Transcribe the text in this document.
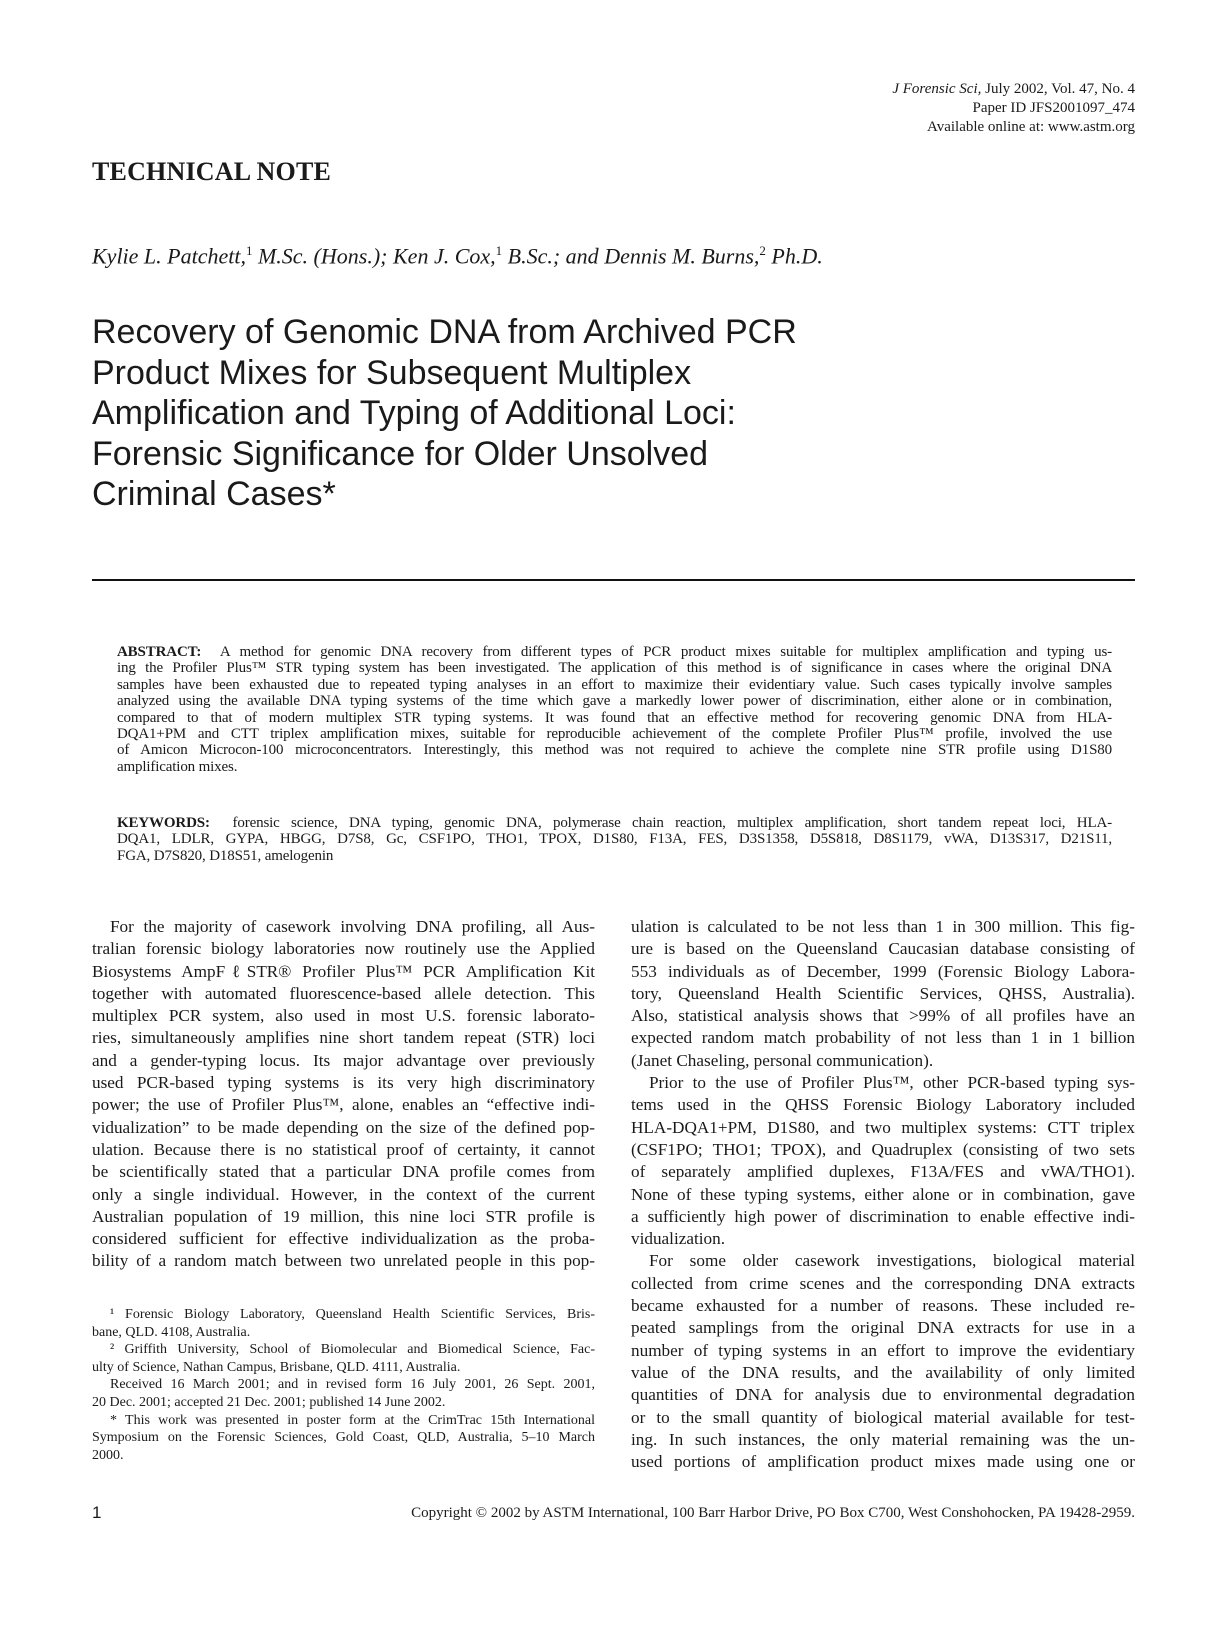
J Forensic Sci, July 2002, Vol. 47, No. 4
Paper ID JFS2001097_474
Available online at: www.astm.org
TECHNICAL NOTE
Kylie L. Patchett,$^1$ M.Sc. (Hons.); Ken J. Cox,$^1$ B.Sc.; and Dennis M. Burns,$^2$ Ph.D.
Recovery of Genomic DNA from Archived PCR
Product Mixes for Subsequent Multiplex
Amplification and Typing of Additional Loci:
Forensic Significance for Older Unsolved
Criminal Cases*
ABSTRACT: A method for genomic DNA recovery from different types of PCR product mixes suitable for multiplex amplification and typing us-
ing the Profiler Plus™ STR typing system has been investigated. The application of this method is of significance in cases where the original DNA
samples have been exhausted due to repeated typing analyses in an effort to maximize their evidentiary value. Such cases typically involve samples
analyzed using the available DNA typing systems of the time which gave a markedly lower power of discrimination, either alone or in combination,
compared to that of modern multiplex STR typing systems. It was found that an effective method for recovering genomic DNA from HLA-
DQA1+PM and CTT triplex amplification mixes, suitable for reproducible achievement of the complete Profiler Plus™ profile, involved the use
of Amicon Microcon-100 microconcentrators. Interestingly, this method was not required to achieve the complete nine STR profile using D1S80
amplification mixes.
KEYWORDS: forensic science, DNA typing, genomic DNA, polymerase chain reaction, multiplex amplification, short tandem repeat loci, HLA-
DQA1, LDLR, GYPA, HBGG, D7S8, Gc, CSF1PO, THO1, TPOX, D1S80, F13A, FES, D3S1358, D5S818, D8S1179, vWA, D13S317, D21S11,
FGA, D7S820, D18S51, amelogenin
For the majority of casework involving DNA profiling, all Aus-
tralian forensic biology laboratories now routinely use the Applied
Biosystems AmpFℓSTR® Profiler Plus™ PCR Amplification Kit
together with automated fluorescence-based allele detection. This
multiplex PCR system, also used in most U.S. forensic laborato-
ries, simultaneously amplifies nine short tandem repeat (STR) loci
and a gender-typing locus. Its major advantage over previously
used PCR-based typing systems is its very high discriminatory
power; the use of Profiler Plus™, alone, enables an “effective indi-
vidualization” to be made depending on the size of the defined pop-
ulation. Because there is no statistical proof of certainty, it cannot
be scientifically stated that a particular DNA profile comes from
only a single individual. However, in the context of the current
Australian population of 19 million, this nine loci STR profile is
considered sufficient for effective individualization as the proba-
bility of a random match between two unrelated people in this pop-
ulation is calculated to be not less than 1 in 300 million. This fig-
ure is based on the Queensland Caucasian database consisting of
553 individuals as of December, 1999 (Forensic Biology Labora-
tory, Queensland Health Scientific Services, QHSS, Australia).
Also, statistical analysis shows that >99% of all profiles have an
expected random match probability of not less than 1 in 1 billion
(Janet Chaseling, personal communication).
Prior to the use of Profiler Plus™, other PCR-based typing sys-
tems used in the QHSS Forensic Biology Laboratory included
HLA-DQA1+PM, D1S80, and two multiplex systems: CTT triplex
(CSF1PO; THO1; TPOX), and Quadruplex (consisting of two sets
of separately amplified duplexes, F13A/FES and vWA/THO1).
None of these typing systems, either alone or in combination, gave
a sufficiently high power of discrimination to enable effective indi-
vidualization.
For some older casework investigations, biological material
collected from crime scenes and the corresponding DNA extracts
became exhausted for a number of reasons. These included re-
peated samplings from the original DNA extracts for use in a
number of typing systems in an effort to improve the evidentiary
value of the DNA results, and the availability of only limited
quantities of DNA for analysis due to environmental degradation
or to the small quantity of biological material available for test-
ing. In such instances, the only material remaining was the un-
used portions of amplification product mixes made using one or
¹ Forensic Biology Laboratory, Queensland Health Scientific Services, Bris-
bane, QLD. 4108, Australia.
² Griffith University, School of Biomolecular and Biomedical Science, Fac-
ulty of Science, Nathan Campus, Brisbane, QLD. 4111, Australia.
Received 16 March 2001; and in revised form 16 July 2001, 26 Sept. 2001,
20 Dec. 2001; accepted 21 Dec. 2001; published 14 June 2002.
* This work was presented in poster form at the CrimTrac 15th International
Symposium on the Forensic Sciences, Gold Coast, QLD, Australia, 5–10 March
2000.
1	Copyright © 2002 by ASTM International, 100 Barr Harbor Drive, PO Box C700, West Conshohocken, PA 19428-2959.
